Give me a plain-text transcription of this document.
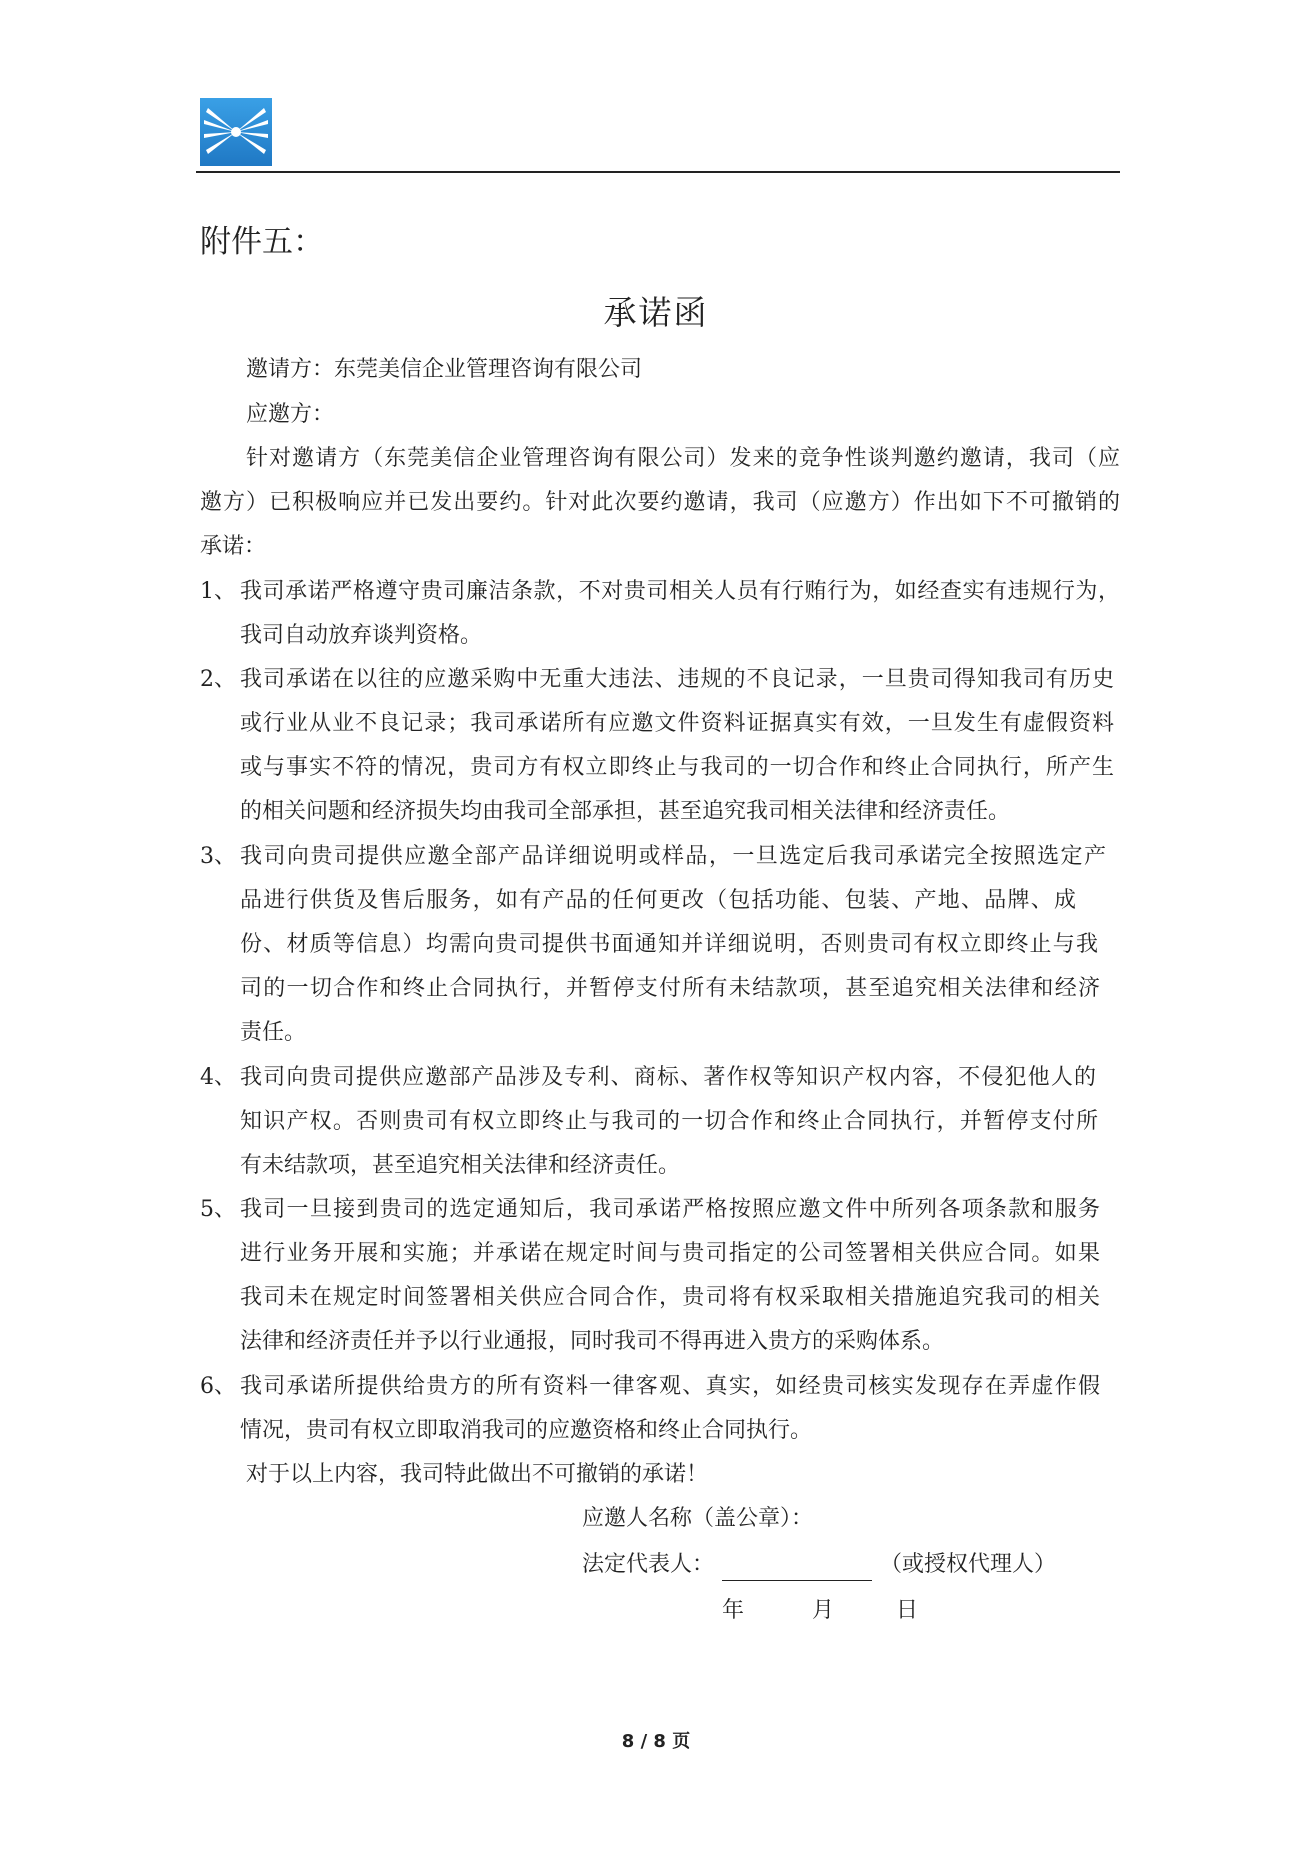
附件五：
承诺函
邀请方：东莞美信企业管理咨询有限公司
应邀方：
针对邀请方（东莞美信企业管理咨询有限公司）发来的竞争性谈判邀约邀请，我司（应
邀方）已积极响应并已发出要约。针对此次要约邀请，我司（应邀方）作出如下不可撤销的
承诺：
1、 我司承诺严格遵守贵司廉洁条款，不对贵司相关人员有行贿行为，如经查实有违规行为，
我司自动放弃谈判资格。
2、 我司承诺在以往的应邀采购中无重大违法、违规的不良记录，一旦贵司得知我司有历史
或行业从业不良记录；我司承诺所有应邀文件资料证据真实有效，一旦发生有虚假资料
或与事实不符的情况，贵司方有权立即终止与我司的一切合作和终止合同执行，所产生
的相关问题和经济损失均由我司全部承担，甚至追究我司相关法律和经济责任。
3、 我司向贵司提供应邀全部产品详细说明或样品，一旦选定后我司承诺完全按照选定产
品进行供货及售后服务，如有产品的任何更改（包括功能、包装、产地、品牌、成
份、材质等信息）均需向贵司提供书面通知并详细说明，否则贵司有权立即终止与我
司的一切合作和终止合同执行，并暂停支付所有未结款项，甚至追究相关法律和经济
责任。
4、 我司向贵司提供应邀部产品涉及专利、商标、著作权等知识产权内容，不侵犯他人的
知识产权。否则贵司有权立即终止与我司的一切合作和终止合同执行，并暂停支付所
有未结款项，甚至追究相关法律和经济责任。
5、 我司一旦接到贵司的选定通知后，我司承诺严格按照应邀文件中所列各项条款和服务
进行业务开展和实施；并承诺在规定时间与贵司指定的公司签署相关供应合同。如果
我司未在规定时间签署相关供应合同合作，贵司将有权采取相关措施追究我司的相关
法律和经济责任并予以行业通报，同时我司不得再进入贵方的采购体系。
6、 我司承诺所提供给贵方的所有资料一律客观、真实，如经贵司核实发现存在弄虚作假
情况，贵司有权立即取消我司的应邀资格和终止合同执行。
对于以上内容，我司特此做出不可撤销的承诺！
应邀人名称（盖公章）：
法定代表人：	（或授权代理人）
年	月	日
8 / 8 页
